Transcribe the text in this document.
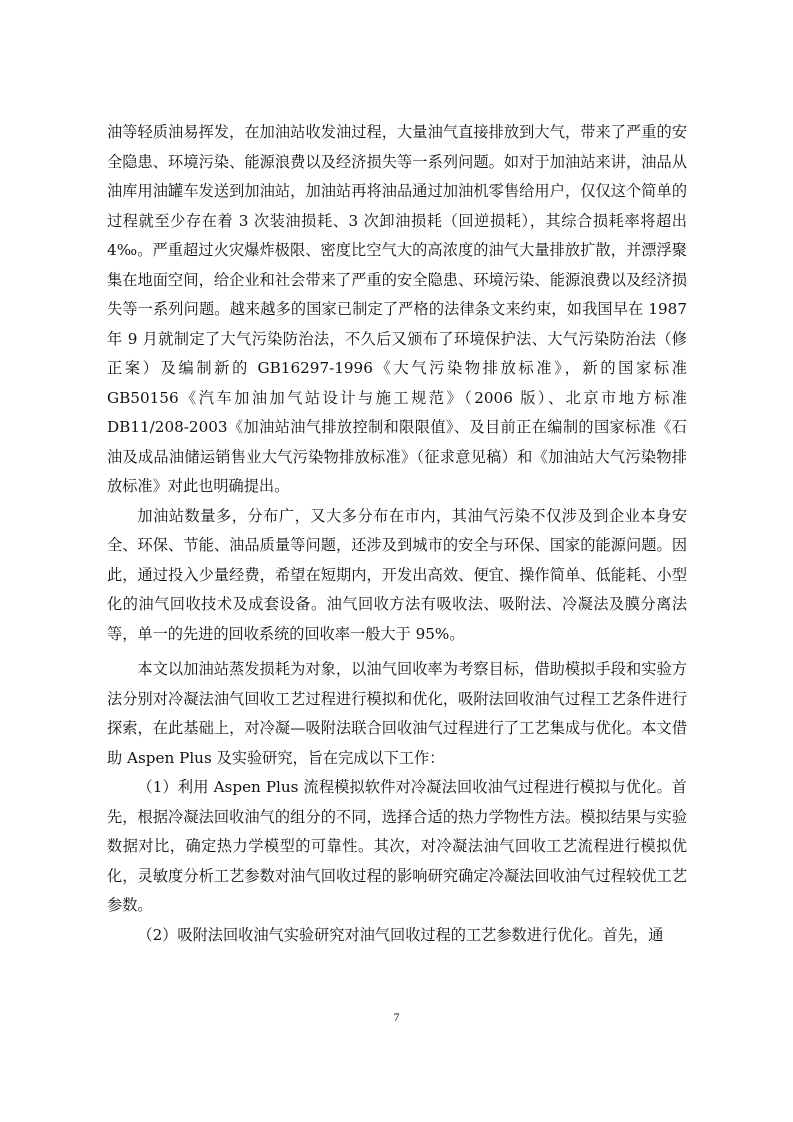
油等轻质油易挥发，在加油站收发油过程，大量油气直接排放到大气，带来了严重的安全隐患、环境污染、能源浪费以及经济损失等一系列问题。如对于加油站来讲，油品从油库用油罐车发送到加油站，加油站再将油品通过加油机零售给用户，仅仅这个简单的过程就至少存在着 3 次装油损耗、3 次卸油损耗（回逆损耗），其综合损耗率将超出 4‰。严重超过火灾爆炸极限、密度比空气大的高浓度的油气大量排放扩散，并漂浮聚集在地面空间，给企业和社会带来了严重的安全隐患、环境污染、能源浪费以及经济损失等一系列问题。越来越多的国家已制定了严格的法律条文来约束，如我国早在 1987 年 9 月就制定了大气污染防治法，不久后又颁布了环境保护法、大气污染防治法（修正案）及编制新的 GB16297-1996《大气污染物排放标准》，新的国家标准 GB50156《汽车加油加气站设计与施工规范》（2006 版）、北京市地方标准 DB11/208-2003《加油站油气排放控制和限限值》、及目前正在编制的国家标准《石油及成品油储运销售业大气污染物排放标准》（征求意见稿）和《加油站大气污染物排放标准》对此也明确提出。

加油站数量多，分布广，又大多分布在市内，其油气污染不仅涉及到企业本身安全、环保、节能、油品质量等问题，还涉及到城市的安全与环保、国家的能源问题。因此，通过投入少量经费，希望在短期内，开发出高效、便宜、操作简单、低能耗、小型化的油气回收技术及成套设备。油气回收方法有吸收法、吸附法、冷凝法及膜分离法等，单一的先进的回收系统的回收率一般大于 95%。

本文以加油站蒸发损耗为对象，以油气回收率为考察目标，借助模拟手段和实验方法分别对冷凝法油气回收工艺过程进行模拟和优化，吸附法回收油气过程工艺条件进行探索，在此基础上，对冷凝—吸附法联合回收油气过程进行了工艺集成与优化。本文借助 Aspen Plus 及实验研究，旨在完成以下工作：

（1）利用 Aspen Plus 流程模拟软件对冷凝法回收油气过程进行模拟与优化。首先，根据冷凝法回收油气的组分的不同，选择合适的热力学物性方法。模拟结果与实验数据对比，确定热力学模型的可靠性。其次，对冷凝法油气回收工艺流程进行模拟优化，灵敏度分析工艺参数对油气回收过程的影响研究确定冷凝法回收油气过程较优工艺参数。

（2）吸附法回收油气实验研究对油气回收过程的工艺参数进行优化。首先，通

7
